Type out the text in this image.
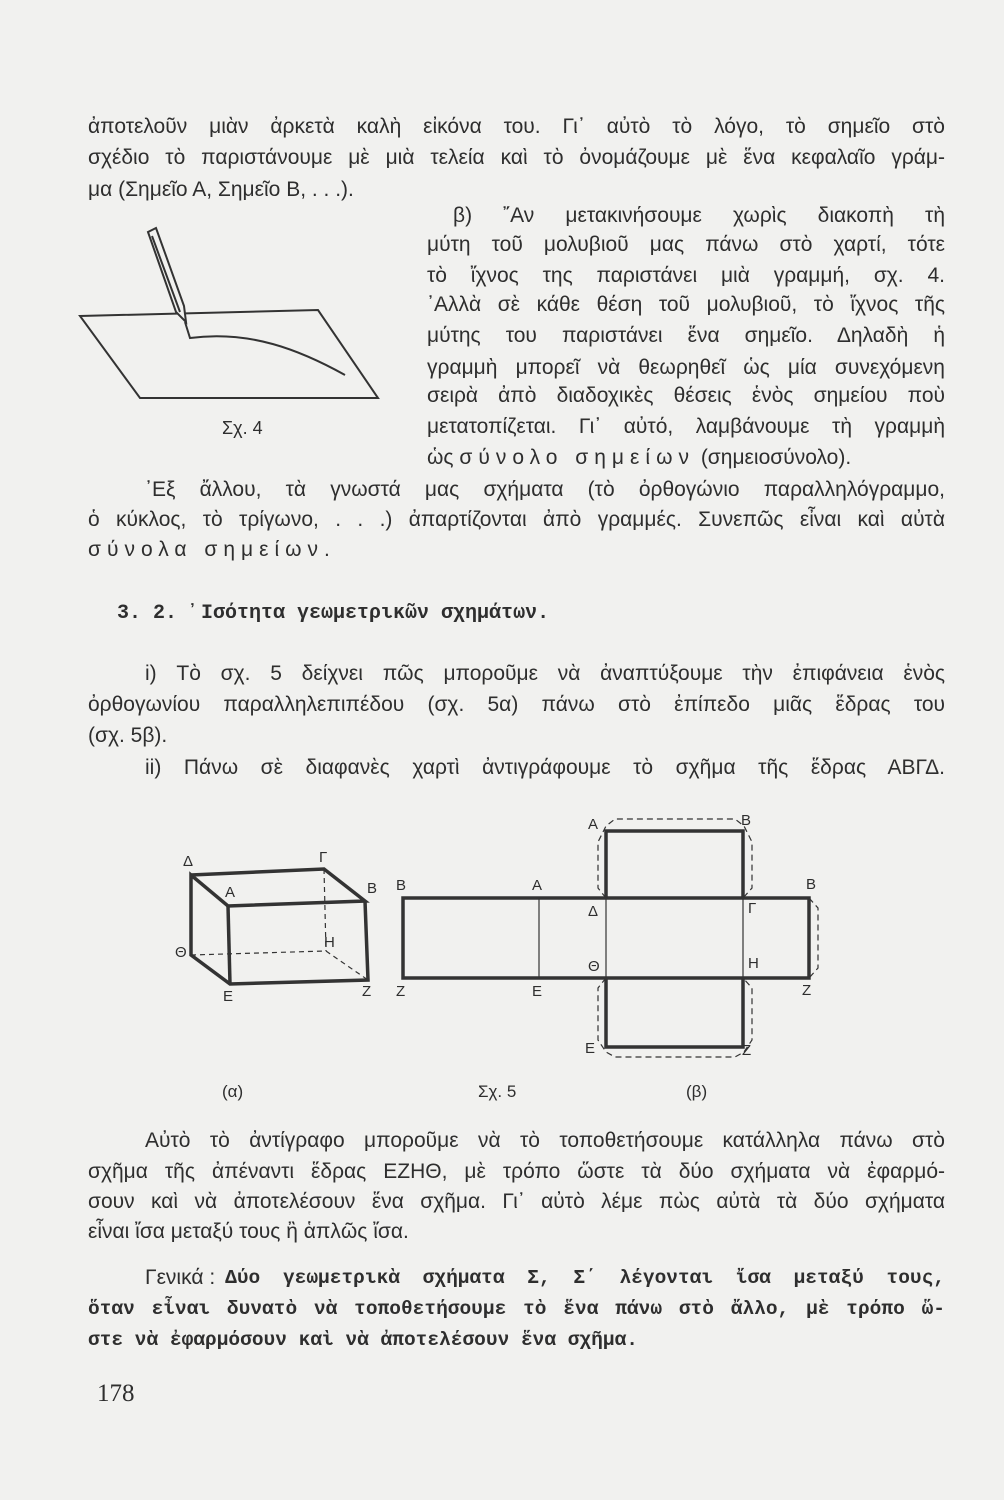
ἀποτελοῦν μιὰν ἀρκετὰ καλὴ εἰκόνα του. Γι᾽ αὐτὸ τὸ λόγο, τὸ σημεῖο στὸ
σχέδιο τὸ παριστάνουμε μὲ μιὰ τελεία καὶ τὸ ὀνομάζουμε μὲ ἕνα κεφαλαῖο γράμ-
μα (Σημεῖο Α, Σημεῖο Β, . . .).
β) ῎Αν μετακινήσουμε χωρὶς διακοπὴ τὴ
μύτη τοῦ μολυβιοῦ μας πάνω στὸ χαρτί, τότε
τὸ ἴχνος της παριστάνει μιὰ γραμμή, σχ. 4.
᾽Αλλὰ σὲ κάθε θέση τοῦ μολυβιοῦ, τὸ ἴχνος τῆς
μύτης του παριστάνει ἕνα σημεῖο. Δηλαδὴ ἡ
γραμμὴ μπορεῖ νὰ θεωρηθεῖ ὡς μία συνεχόμενη
σειρὰ ἀπὸ διαδοχικὲς θέσεις ἑνὸς σημείου ποὺ
μετατοπίζεται. Γι᾽ αὐτό, λαμβάνουμε τὴ γραμμὴ
ὡς σύνολο σημείων (σημειοσύνολο).
Σχ. 4
᾽Εξ ἄλλου, τὰ γνωστά μας σχήματα (τὸ ὀρθογώνιο παραλληλόγραμμο,
ὁ κύκλος, τὸ τρίγωνο, . . .) ἀπαρτίζονται ἀπὸ γραμμές. Συνεπῶς εἶναι καὶ αὐτὰ
σύνολα σημείων.
3. 2. ᾽Ισότητα γεωμετρικῶν σχημάτων.
i) Τὸ σχ. 5 δείχνει πῶς μποροῦμε νὰ ἀναπτύξουμε τὴν ἐπιφάνεια ἑνὸς
ὀρθογωνίου παραλληλεπιπέδου (σχ. 5α) πάνω στὸ ἐπίπεδο μιᾶς ἕδρας του
(σχ. 5β).
ii) Πάνω σὲ διαφανὲς χαρτὶ ἀντιγράφουμε τὸ σχῆμα τῆς ἕδρας ΑΒΓΔ.
Δ	Γ
Α	Β
Θ
Η
Ε	Ζ
Β	Α
Δ	Γ
Β
Θ	Η
Ζ	Ε	Ζ
Α	Β
Ε	Ζ
(α)	Σχ. 5	(β)
Αὐτὸ τὸ ἀντίγραφο μποροῦμε νὰ τὸ τοποθετήσουμε κατάλληλα πάνω στὸ
σχῆμα τῆς ἀπέναντι ἕδρας ΕΖΗΘ, μὲ τρόπο ὥστε τὰ δύο σχήματα νὰ ἐφαρμό-
σουν καὶ νὰ ἀποτελέσουν ἕνα σχῆμα. Γι᾽ αὐτὸ λέμε πὼς αὐτὰ τὰ δύο σχήματα
εἶναι ἴσα μεταξύ τους ἢ ἁπλῶς ἴσα.
Γενικά : Δύο γεωμετρικὰ σχήματα Σ, Σ΄ λέγονται ἴσα μεταξύ τους,
ὅταν εἶναι δυνατὸ νὰ τοποθετήσουμε τὸ ἕνα πάνω στὸ ἄλλο, μὲ τρόπο ὥ-
στε νὰ ἐφαρμόσουν καὶ νὰ ἀποτελέσουν ἕνα σχῆμα.
178
